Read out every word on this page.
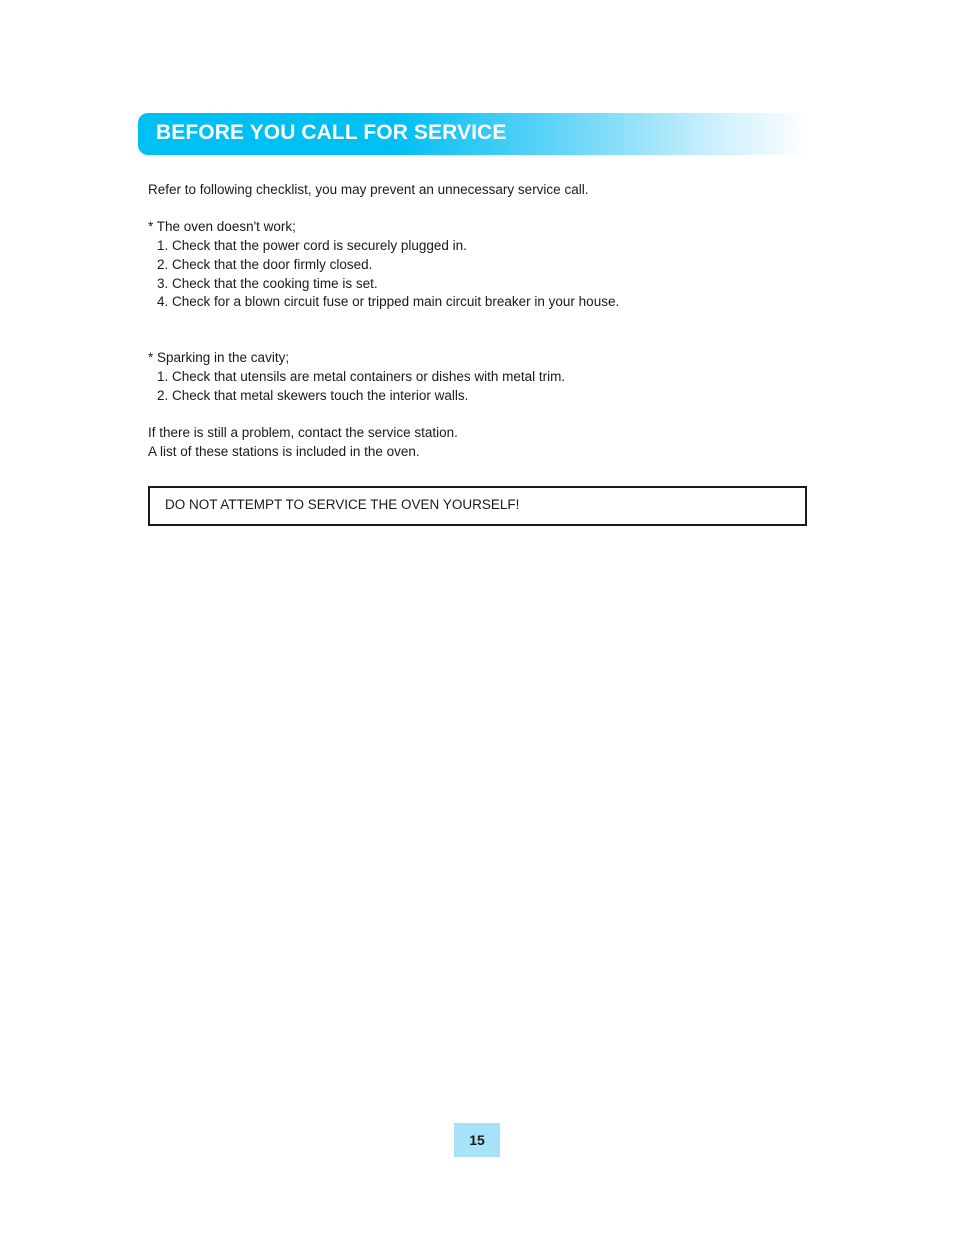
BEFORE YOU CALL FOR SERVICE
Refer to following checklist, you may prevent an unnecessary service call.
* The oven doesn't work;
1. Check that the power cord is securely plugged in.
2. Check that the door firmly closed.
3. Check that the cooking time is set.
4. Check for a blown circuit fuse or tripped main circuit breaker in your house.
* Sparking in the cavity;
1. Check that utensils are metal containers or dishes with metal trim.
2. Check that metal skewers touch the interior walls.
If there is still a problem, contact the service station.
A list of these stations is included in the oven.
DO NOT ATTEMPT TO SERVICE THE OVEN YOURSELF!
15
